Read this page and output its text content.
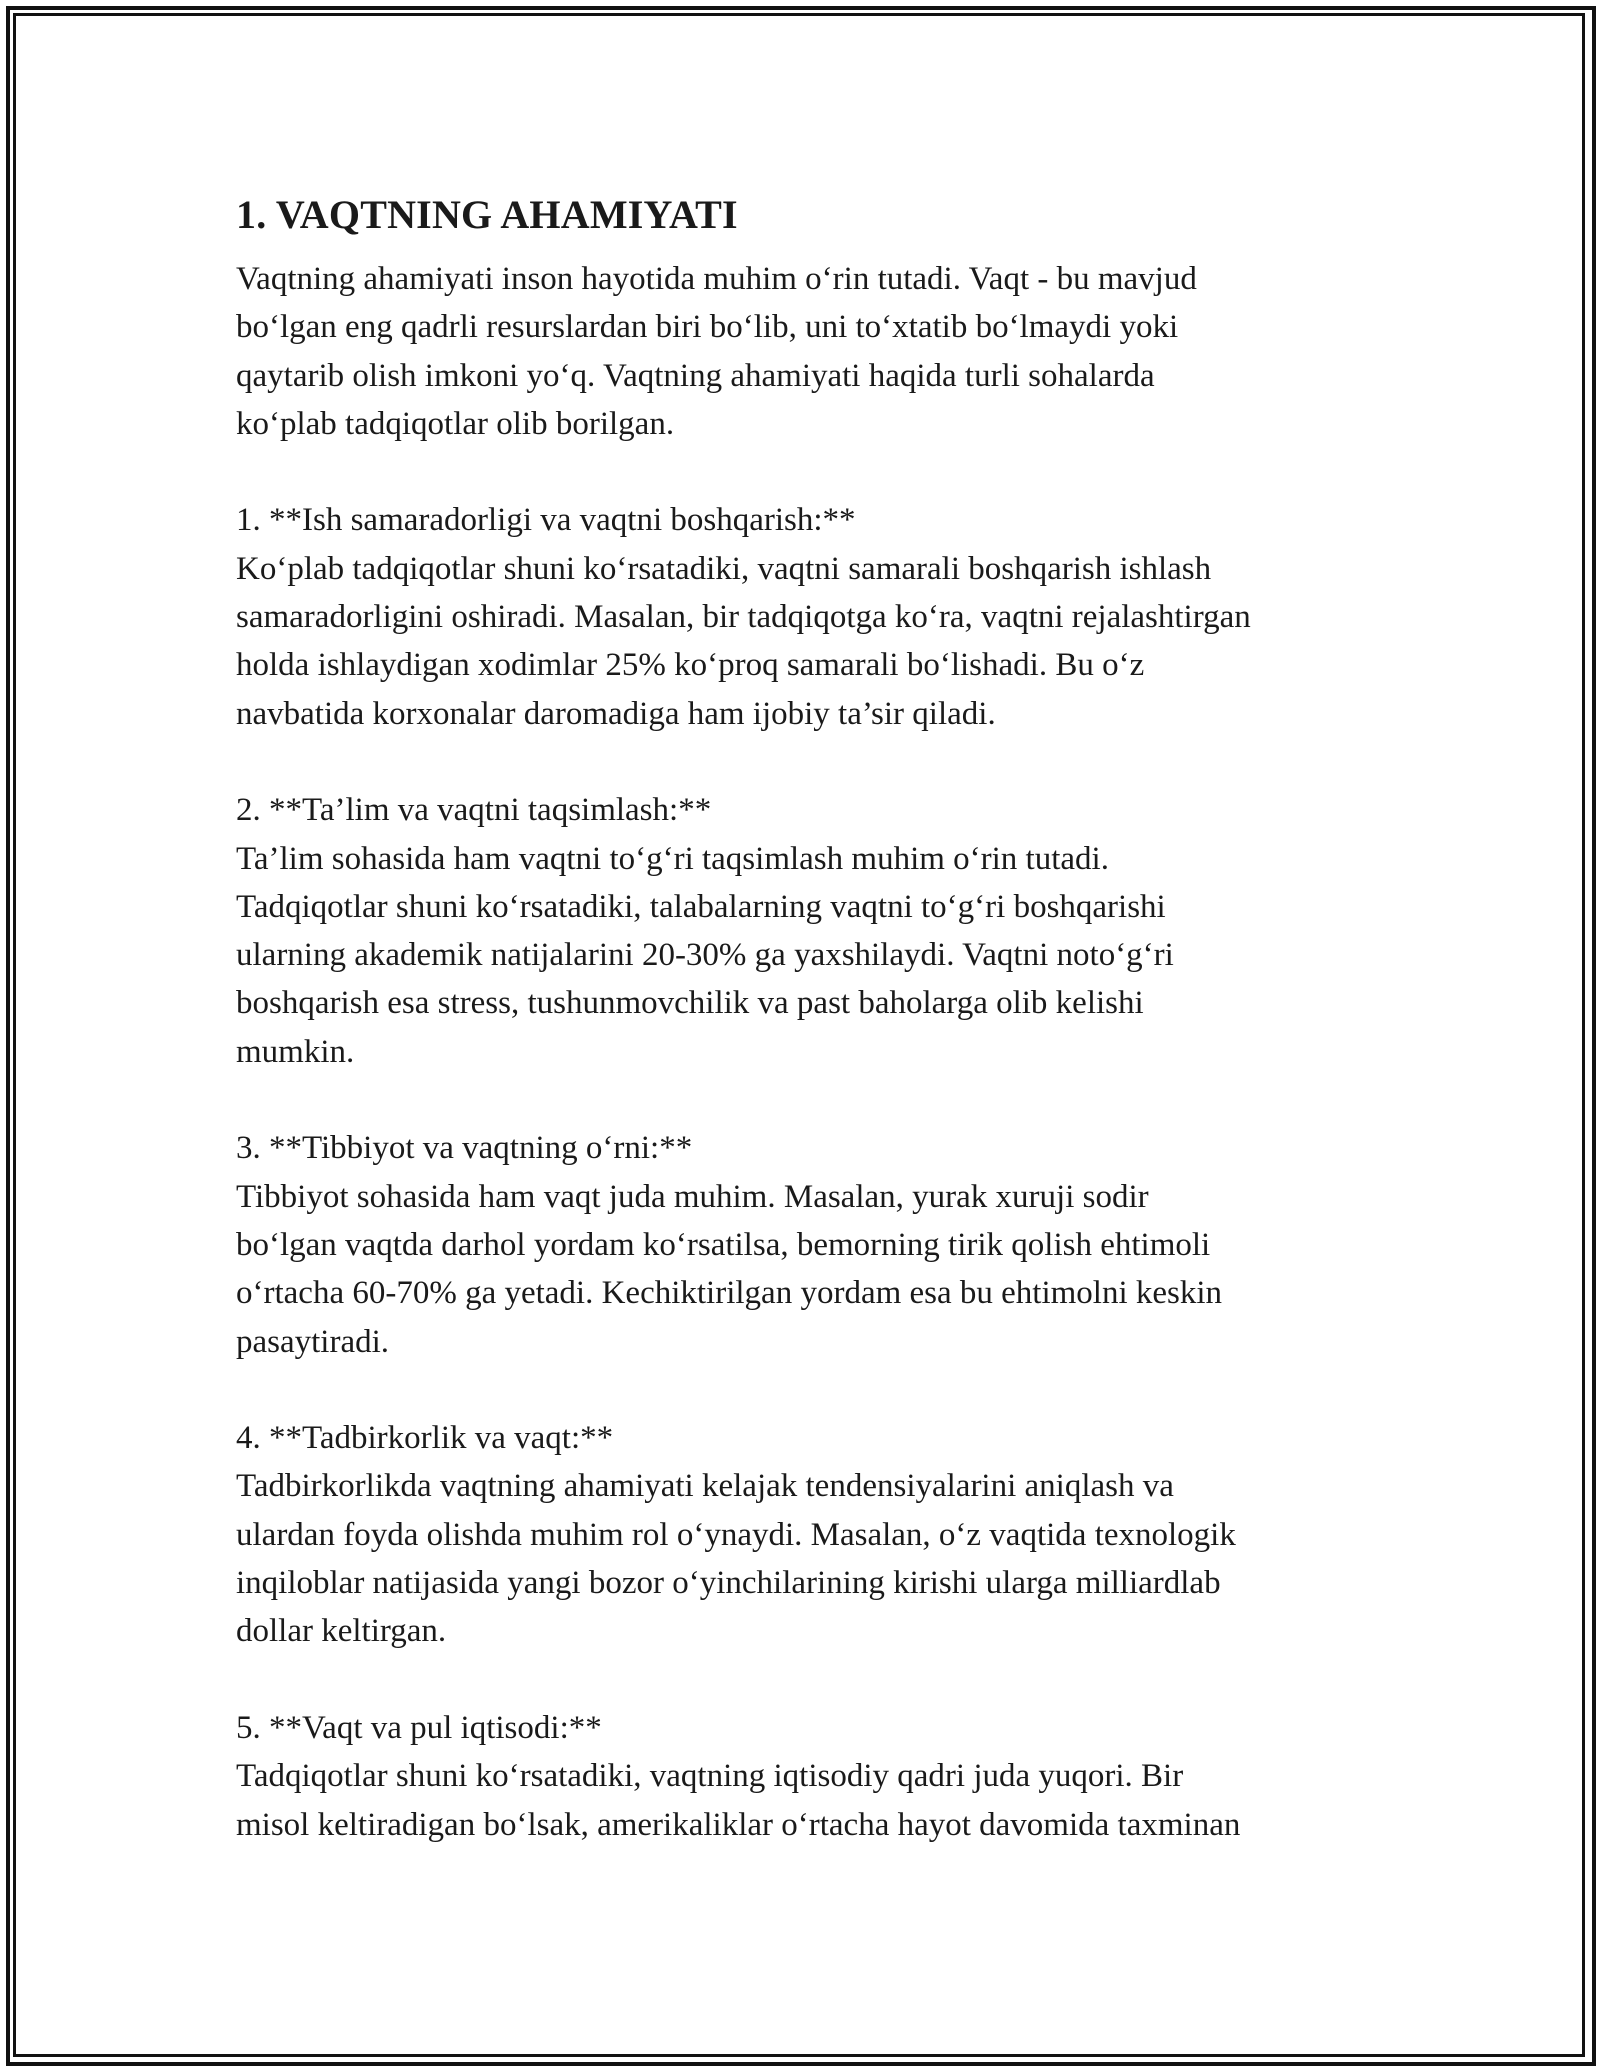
1. VAQTNING AHAMIYATI

Vaqtning ahamiyati inson hayotida muhim o‘rin tutadi. Vaqt - bu mavjud
bo‘lgan eng qadrli resurslardan biri bo‘lib, uni to‘xtatib bo‘lmaydi yoki
qaytarib olish imkoni yo‘q. Vaqtning ahamiyati haqida turli sohalarda
ko‘plab tadqiqotlar olib borilgan.

1. **Ish samaradorligi va vaqtni boshqarish:**

Ko‘plab tadqiqotlar shuni ko‘rsatadiki, vaqtni samarali boshqarish ishlash
samaradorligini oshiradi. Masalan, bir tadqiqotga ko‘ra, vaqtni rejalashtirgan
holda ishlaydigan xodimlar 25% ko‘proq samarali bo‘lishadi. Bu o‘z
navbatida korxonalar daromadiga ham ijobiy ta’sir qiladi.

2. **Ta’lim va vaqtni taqsimlash:**

Ta’lim sohasida ham vaqtni to‘g‘ri taqsimlash muhim o‘rin tutadi.
Tadqiqotlar shuni ko‘rsatadiki, talabalarning vaqtni to‘g‘ri boshqarishi
ularning akademik natijalarini 20-30% ga yaxshilaydi. Vaqtni noto‘g‘ri
boshqarish esa stress, tushunmovchilik va past baholarga olib kelishi
mumkin.

3. **Tibbiyot va vaqtning o‘rni:**

Tibbiyot sohasida ham vaqt juda muhim. Masalan, yurak xuruji sodir
bo‘lgan vaqtda darhol yordam ko‘rsatilsa, bemorning tirik qolish ehtimoli
o‘rtacha 60-70% ga yetadi. Kechiktirilgan yordam esa bu ehtimolni keskin
pasaytiradi.

4. **Tadbirkorlik va vaqt:**

Tadbirkorlikda vaqtning ahamiyati kelajak tendensiyalarini aniqlash va
ulardan foyda olishda muhim rol o‘ynaydi. Masalan, o‘z vaqtida texnologik
inqiloblar natijasida yangi bozor o‘yinchilarining kirishi ularga milliardlab
dollar keltirgan.

5. **Vaqt va pul iqtisodi:**

Tadqiqotlar shuni ko‘rsatadiki, vaqtning iqtisodiy qadri juda yuqori. Bir
misol keltiradigan bo‘lsak, amerikaliklar o‘rtacha hayot davomida taxminan
